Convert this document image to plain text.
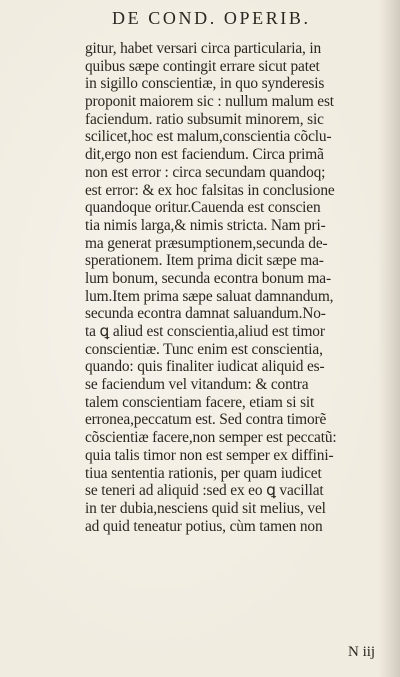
DE COND. OPERIB.
gitur, habet versari circa particularia, in
quibus sæpe contingit errare sicut patet
in sigillo conscientiæ, in quo synderesis
proponit maiorem sic : nullum malum est
faciendum. ratio subsumit minorem, sic
scilicet,hoc est malum,conscientia cõclu-
dit,ergo non est faciendum. Circa primã
non est error : circa secundam quandoq;
est error: & ex hoc falsitas in conclusione
quandoque oritur.Cauenda est conscien
tia nimis larga,& nimis stricta. Nam pri-
ma generat præsumptionem,secunda de-
sperationem. Item prima dicit sæpe ma-
lum bonum, secunda econtra bonum ma-
lum.Item prima sæpe saluat damnandum,
secunda econtra damnat saluandum.No-
ta ꝗ aliud est conscientia,aliud est timor
conscientiæ. Tunc enim est conscientia,
quando: quis finaliter iudicat aliquid es-
se faciendum vel vitandum: & contra
talem conscientiam facere, etiam si sit
erronea,peccatum est. Sed contra timorẽ
cõscientiæ facere,non semper est peccatũ:
quia talis timor non est semper ex diffini-
tiua sententia rationis, per quam iudicet
se teneri ad aliquid :sed ex eo ꝗ vacillat
in ter dubia,nesciens quid sit melius, vel
ad quid teneatur potius, cùm tamen non
N iij
